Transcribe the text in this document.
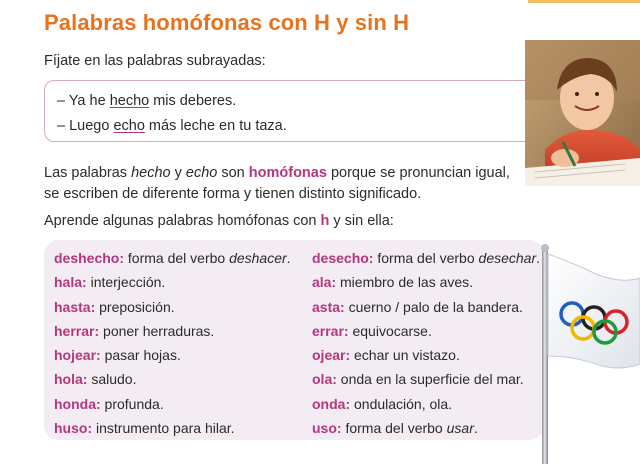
Palabras homófonas con H y sin H
Fíjate en las palabras subrayadas:
– Ya he hecho mis deberes.
– Luego echo más leche en tu taza.
Las palabras hecho y echo son homófonas porque se pronuncian igual,
se escriben de diferente forma y tienen distinto significado.
Aprende algunas palabras homófonas con h y sin ella:
deshecho: forma del verbo deshacer.
hala: interjección.
hasta: preposición.
herrar: poner herraduras.
hojear: pasar hojas.
hola: saludo.
honda: profunda.
huso: instrumento para hilar.
desecho: forma del verbo desechar.
ala: miembro de las aves.
asta: cuerno / palo de la bandera.
errar: equivocarse.
ojear: echar un vistazo.
ola: onda en la superficie del mar.
onda: ondulación, ola.
uso: forma del verbo usar.
